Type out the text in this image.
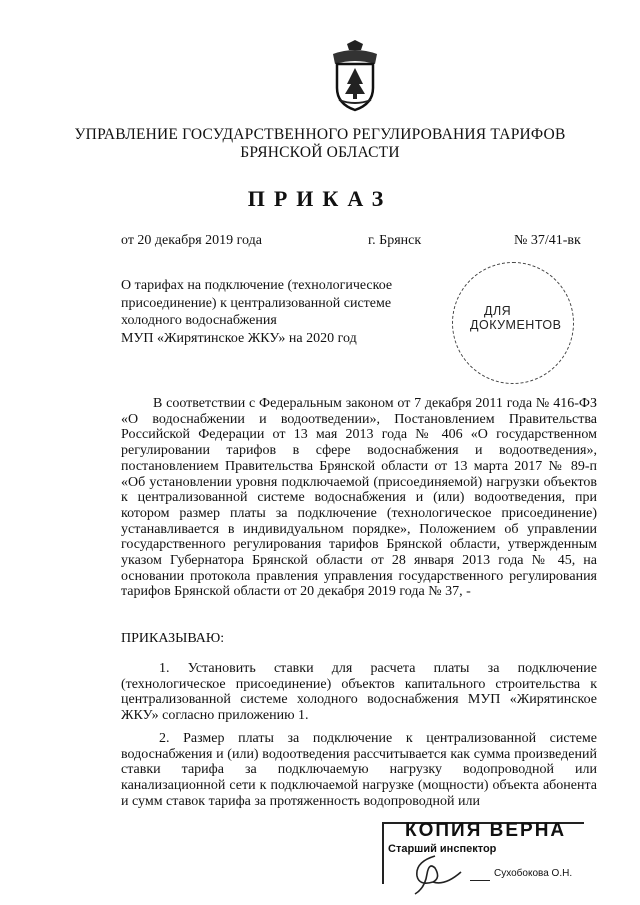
УПРАВЛЕНИЕ ГОСУДАРСТВЕННОГО РЕГУЛИРОВАНИЯ ТАРИФОВ
БРЯНСКОЙ ОБЛАСТИ
ПРИКАЗ
от 20 декабря 2019 года	г. Брянск	№ 37/41-вк
О тарифах на подключение (технологическое
присоединение) к централизованной системе
холодного водоснабжения
МУП «Жирятинское ЖКУ» на 2020 год
ДЛЯ
ДОКУМЕНТОВ
В соответствии с Федеральным законом от 7 декабря 2011 года № 416-ФЗ «О водоснабжении и водоотведении», Постановлением Правительства Российской Федерации от 13 мая 2013 года № 406 «О государственном регулировании тарифов в сфере водоснабжения и водоотведения», постановлением Правительства Брянской области от 13 марта 2017 № 89-п «Об установлении уровня подключаемой (присоединяемой) нагрузки объектов к централизованной системе водоснабжения и (или) водоотведения, при котором размер платы за подключение (технологическое присоединение) устанавливается в индивидуальном порядке», Положением об управлении государственного регулирования тарифов Брянской области, утвержденным указом Губернатора Брянской области от 28 января 2013 года № 45, на основании протокола правления управления государственного регулирования тарифов Брянской области от 20 декабря 2019 года № 37, -
ПРИКАЗЫВАЮ:
1. Установить ставки для расчета платы за подключение (технологическое присоединение) объектов капитального строительства к централизованной системе холодного водоснабжения МУП «Жирятинское ЖКУ» согласно приложению 1.
2. Размер платы за подключение к централизованной системе водоснабжения и (или) водоотведения рассчитывается как сумма произведений ставки тарифа за подключаемую нагрузку водопроводной или канализационной сети к подключаемой нагрузке (мощности) объекта абонента и сумм ставок тарифа за протяженность водопроводной или
КОПИЯ ВЕРНА
Старший инспектор
Сухобокова О.Н.
